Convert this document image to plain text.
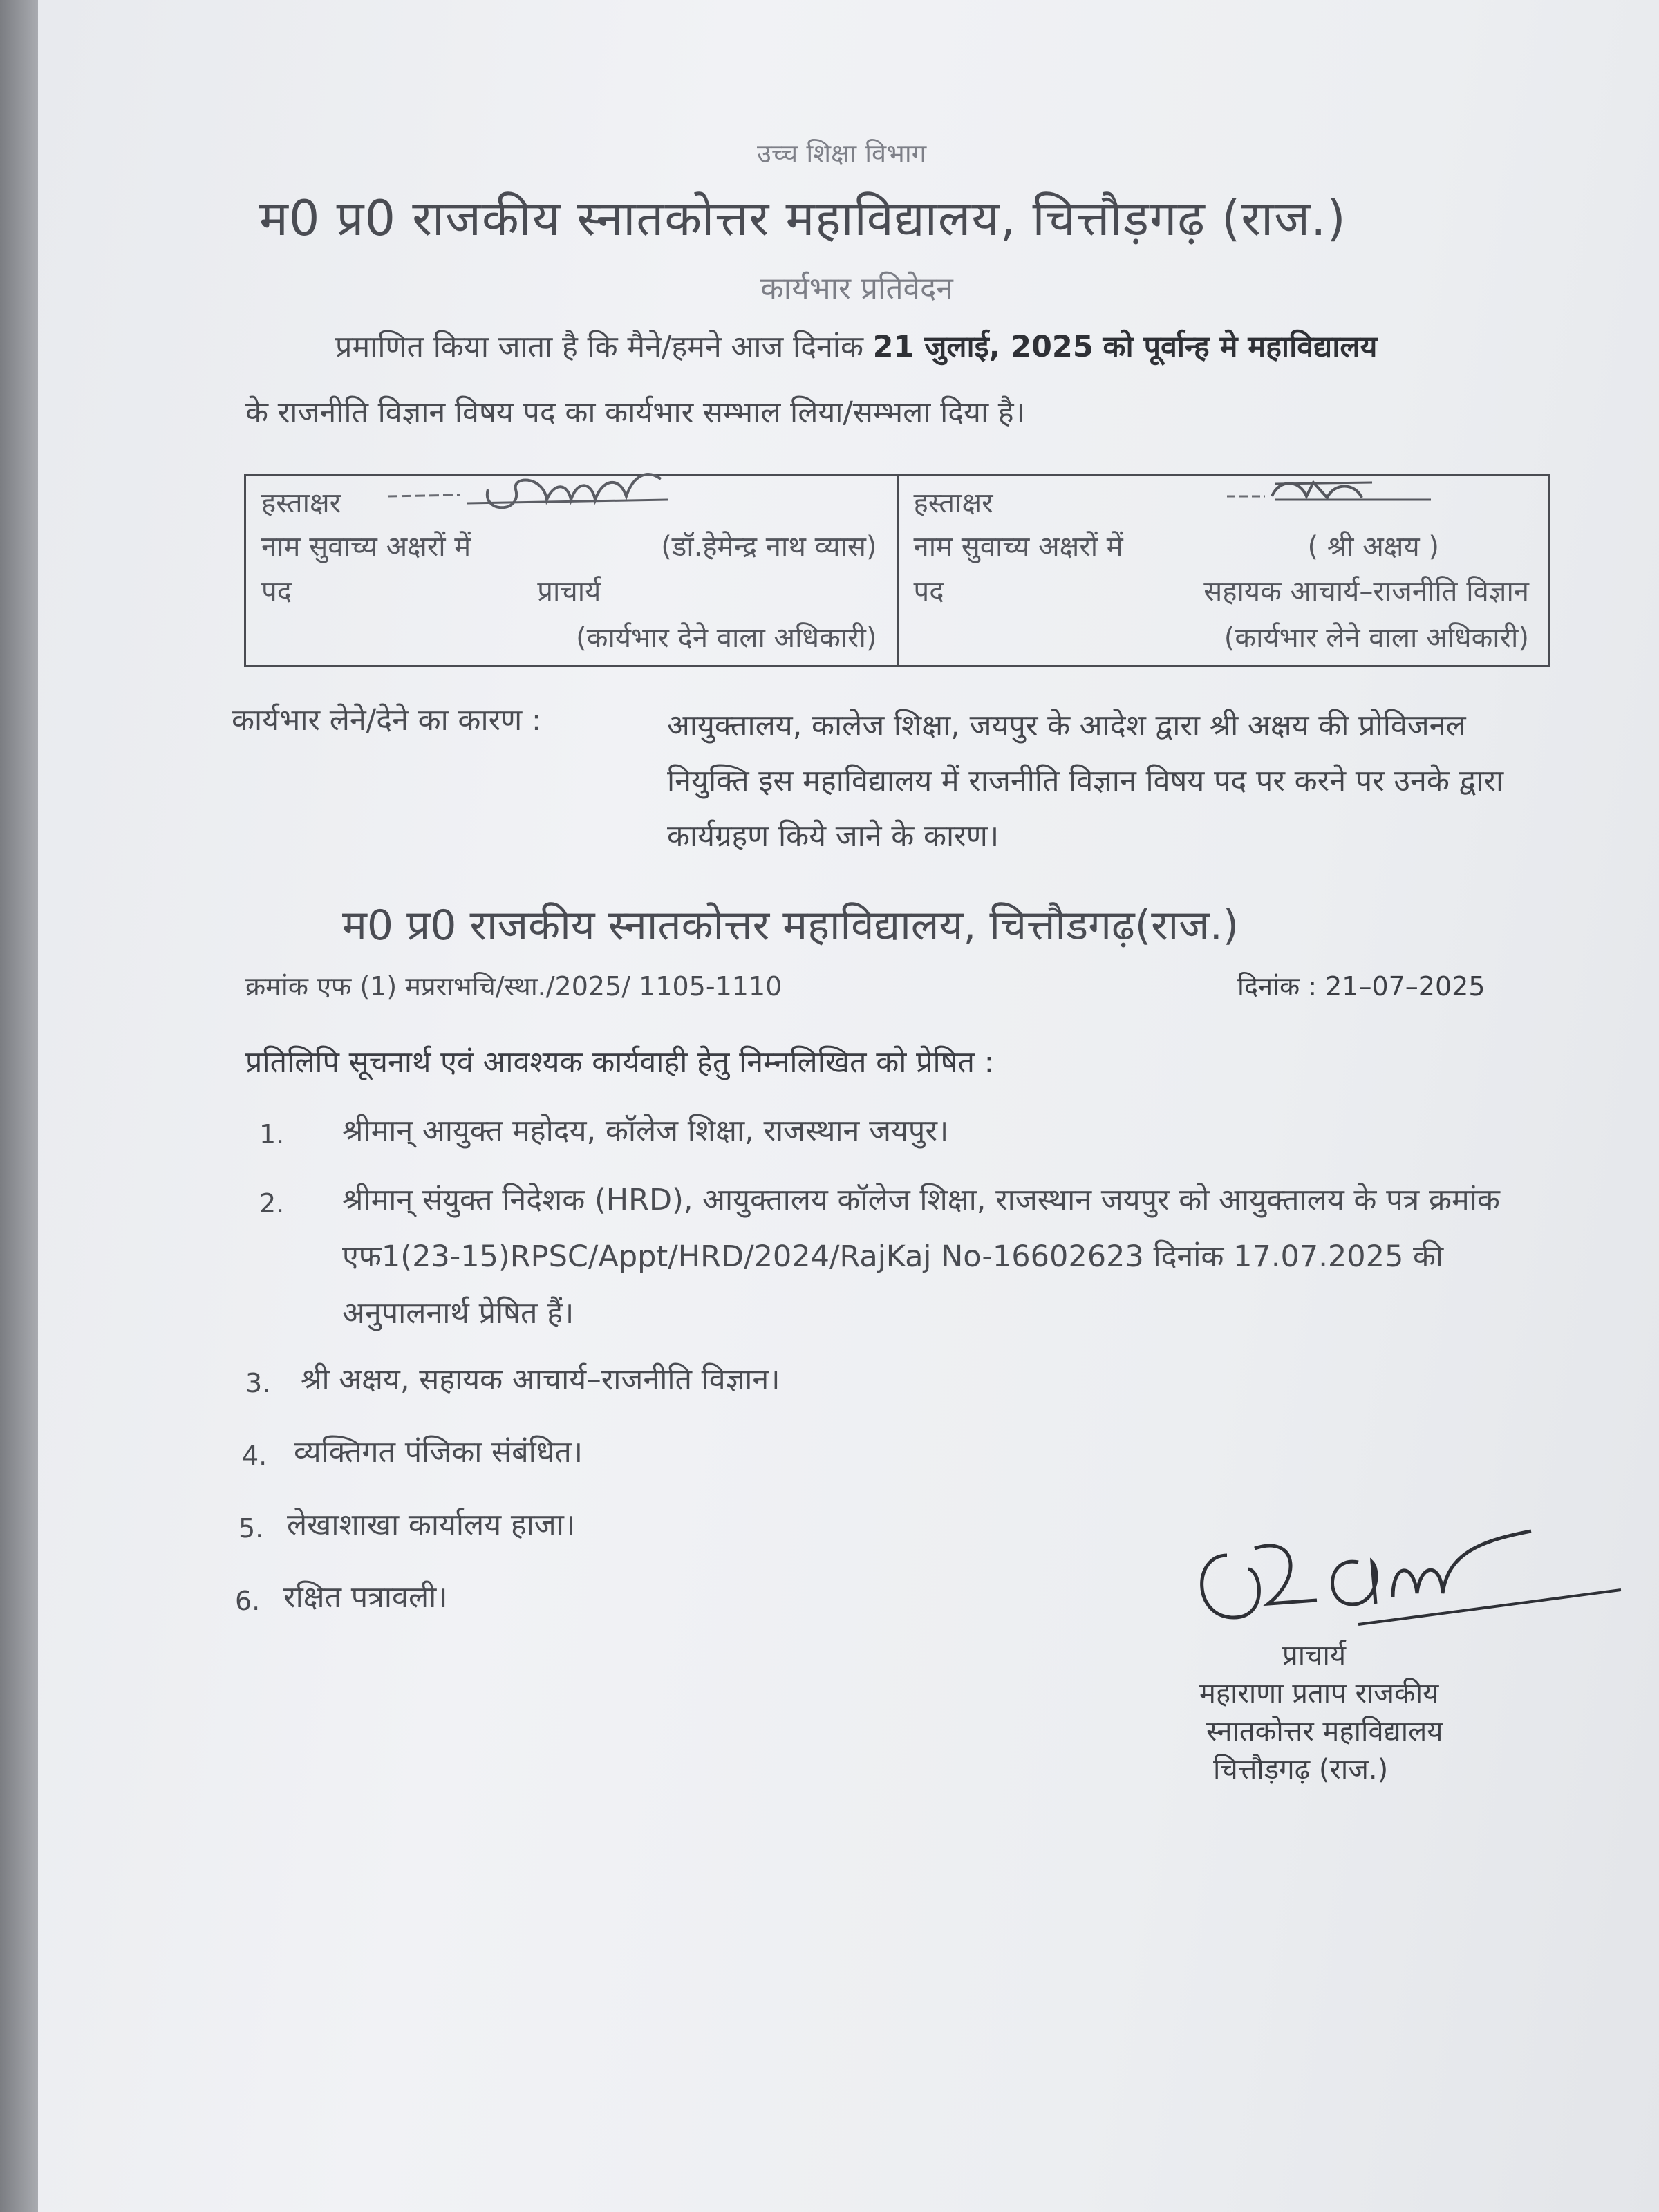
उच्च शिक्षा विभाग
म0 प्र0 राजकीय स्नातकोत्तर महाविद्यालय, चित्तौड़गढ़ (राज.)
कार्यभार प्रतिवेदन
प्रमाणित किया जाता है कि मैने/हमने आज दिनांक 21 जुलाई, 2025 को पूर्वान्ह मे महाविद्यालय
के राजनीति विज्ञान विषय पद का कार्यभार सम्भाल लिया/सम्भला दिया है।
हस्ताक्षर
नाम सुवाच्य अक्षरों में	(डॉ.हेमेन्द्र नाथ व्यास)
पद	प्राचार्य
(कार्यभार देने वाला अधिकारी)

हस्ताक्षर
नाम सुवाच्य अक्षरों में	( श्री अक्षय )
पद	सहायक आचार्य–राजनीति विज्ञान
(कार्यभार लेने वाला अधिकारी)
कार्यभार लेने/देने का कारण :	आयुक्तालय, कालेज शिक्षा, जयपुर के आदेश द्वारा श्री अक्षय की प्रोविजनल नियुक्ति इस महाविद्यालय में राजनीति विज्ञान विषय पद पर करने पर उनके द्वारा कार्यग्रहण किये जाने के कारण।
म0 प्र0 राजकीय स्नातकोत्तर महाविद्यालय, चित्तौडगढ़(राज.)
क्रमांक एफ (1) मप्रराभचि/स्था./2025/ 1105-1110	दिनांक : 21–07–2025
प्रतिलिपि सूचनार्थ एवं आवश्यक कार्यवाही हेतु निम्नलिखित को प्रेषित :
1. श्रीमान् आयुक्त महोदय, कॉलेज शिक्षा, राजस्थान जयपुर।
2. श्रीमान् संयुक्त निदेशक (HRD), आयुक्तालय कॉलेज शिक्षा, राजस्थान जयपुर को आयुक्तालय के पत्र क्रमांक एफ1(23-15)RPSC/Appt/HRD/2024/RajKaj No-16602623 दिनांक 17.07.2025 की अनुपालनार्थ प्रेषित हैं।
3. श्री अक्षय, सहायक आचार्य–राजनीति विज्ञान।
4. व्यक्तिगत पंजिका संबंधित।
5. लेखाशाखा कार्यालय हाजा।
6. रक्षित पत्रावली।
प्राचार्य
महाराणा प्रताप राजकीय
स्नातकोत्तर महाविद्यालय
चित्तौड़गढ़ (राज.)
